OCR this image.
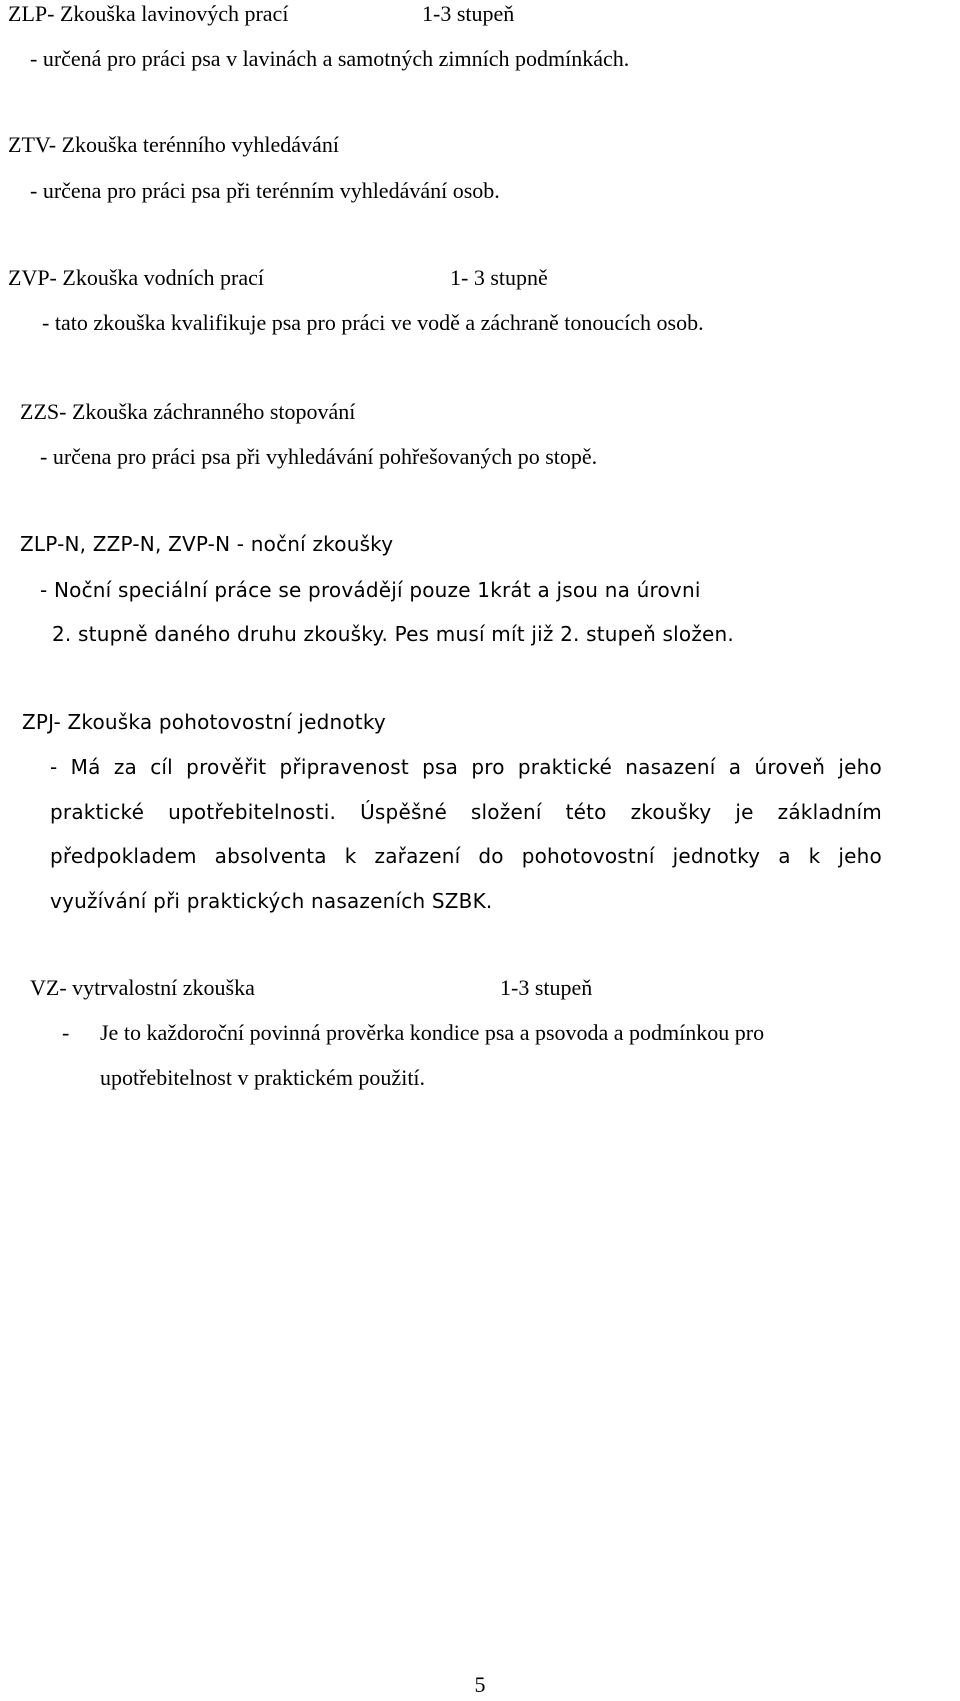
ZLP- Zkouška lavinových prací	1-3 stupeň
- určená pro práci psa v lavinách a samotných zimních podmínkách.
ZTV- Zkouška terénního vyhledávání
- určena pro práci psa při terénním vyhledávání osob.
ZVP- Zkouška vodních prací	1- 3 stupně
- tato zkouška kvalifikuje psa pro práci ve vodě a záchraně tonoucích osob.
ZZS- Zkouška záchranného stopování
- určena pro práci psa při vyhledávání pohřešovaných po stopě.
ZLP-N, ZZP-N, ZVP-N - noční zkoušky
- Noční speciální práce se provádějí pouze 1krát a jsou na úrovni
2. stupně daného druhu zkoušky. Pes musí mít již 2. stupeň složen.
ZPJ- Zkouška pohotovostní jednotky
- Má za cíl prověřit připravenost psa pro praktické nasazení a úroveň jeho
praktické upotřebitelnosti. Úspěšné složení této zkoušky je základním
předpokladem absolventa k zařazení do pohotovostní jednotky a k jeho
využívání při praktických nasazeních SZBK.
VZ- vytrvalostní zkouška	1-3 stupeň
- Je to každoroční povinná prověrka kondice psa a psovoda a podmínkou pro
upotřebitelnost v praktickém použití.
5
